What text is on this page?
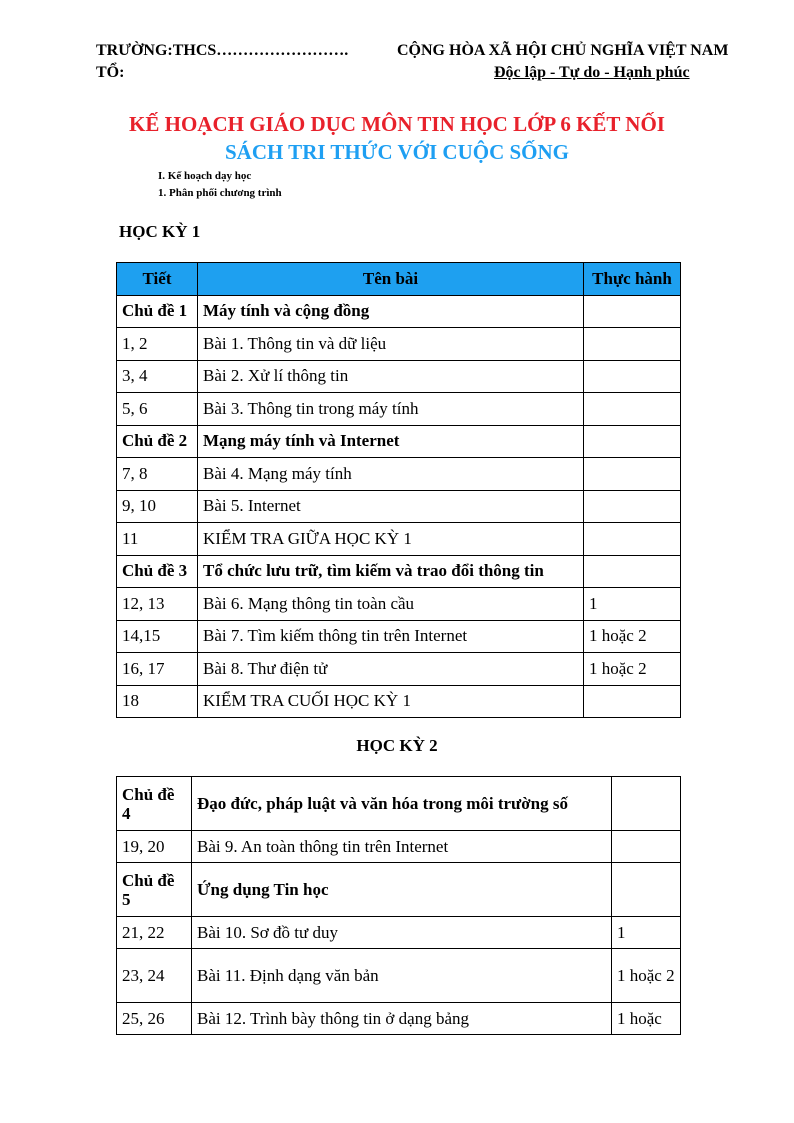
TRƯỜNG:THCS…………………….
TỔ:
CỘNG HÒA XÃ HỘI CHỦ NGHĨA VIỆT NAM
Độc lập - Tự do - Hạnh phúc
KẾ HOẠCH GIÁO DỤC MÔN TIN HỌC LỚP 6 KẾT NỐI
SÁCH TRI THỨC VỚI CUỘC SỐNG
I. Kế hoạch dạy học
1. Phân phối chương trình
HỌC KỲ 1
Tiết	Tên bài	Thực hành
Chủ đề 1	Máy tính và cộng đồng	
1, 2	Bài 1. Thông tin và dữ liệu	
3, 4	Bài 2. Xử lí thông tin	
5, 6	Bài 3. Thông tin trong máy tính	
Chủ đề 2	Mạng máy tính và Internet	
7, 8	Bài 4. Mạng máy tính	
9, 10	Bài 5. Internet	
11	KIỂM TRA GIỮA HỌC KỲ 1	
Chủ đề 3	Tổ chức lưu trữ, tìm kiếm và trao đổi thông tin	
12, 13	Bài 6. Mạng thông tin toàn cầu	1
14,15	Bài 7. Tìm kiếm thông tin trên Internet	1 hoặc 2
16, 17	Bài 8. Thư điện tử	1 hoặc 2
18	KIỂM TRA CUỐI HỌC KỲ 1	
HỌC KỲ 2
Chủ đề 4	Đạo đức, pháp luật và văn hóa trong môi trường số	
19, 20	Bài 9. An toàn thông tin trên Internet	
Chủ đề 5	Ứng dụng Tin học	
21, 22	Bài 10. Sơ đồ tư duy	1
23, 24	Bài 11. Định dạng văn bản	1 hoặc 2
25, 26	Bài 12. Trình bày thông tin ở dạng bảng	1 hoặc
